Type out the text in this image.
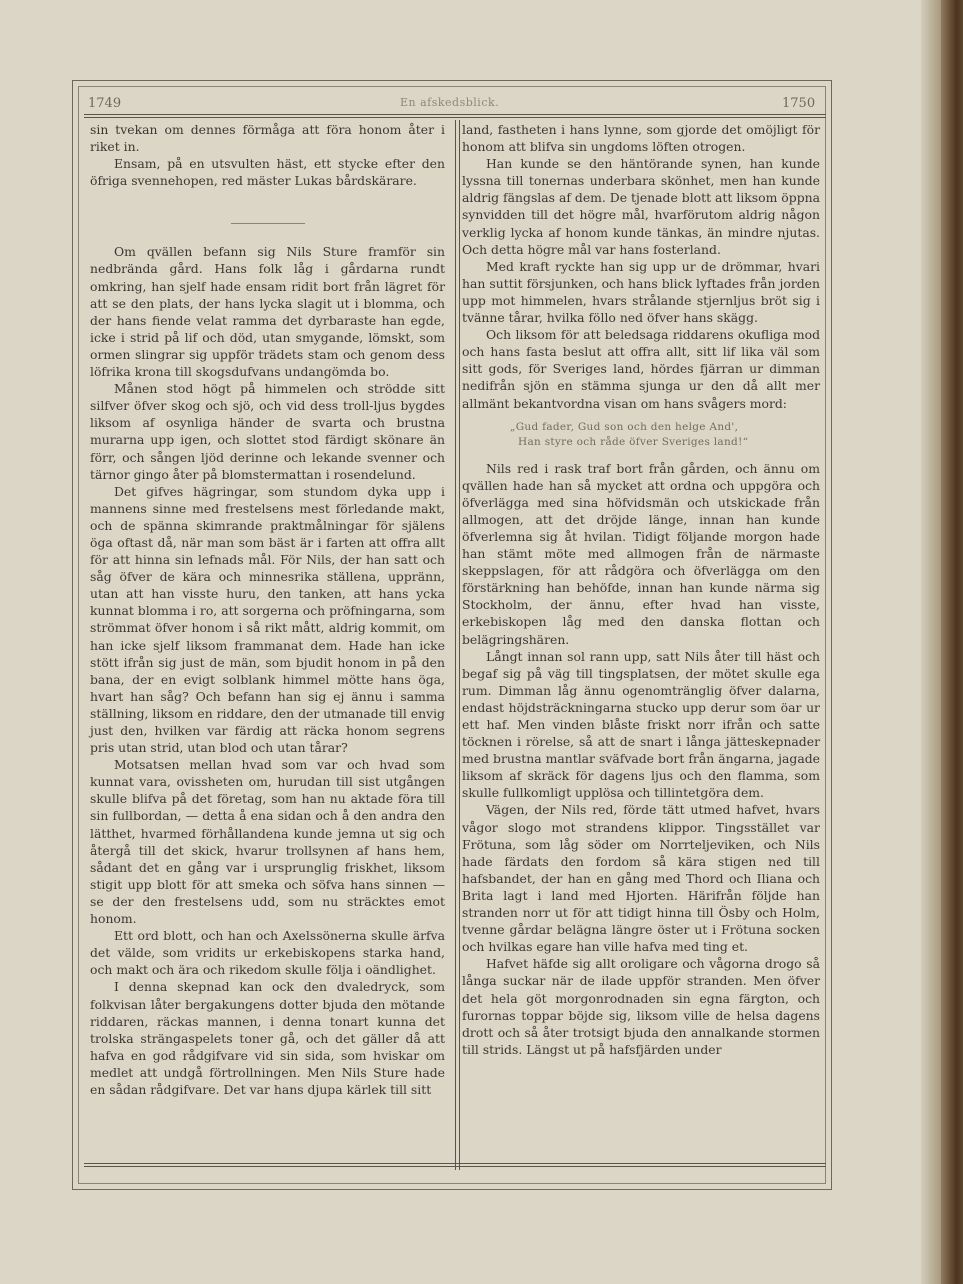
1749	En afskedsblick.	1750

sin tvekan om dennes förmåga att föra honom åter i riket in.

Ensam, på en utsvulten häst, ett stycke efter den öfriga svennehopen, red mäster Lukas bårdskärare.

Om qvällen befann sig Nils Sture framför sin nedbrända gård. Hans folk låg i gårdarna rundt omkring, han sjelf hade ensam ridit bort från lägret för att se den plats, der hans lycka slagit ut i blomma, och der hans fiende velat ramma det dyrbaraste han egde, icke i strid på lif och död, utan smygande, lömskt, som ormen slingrar sig uppför trädets stam och genom dess löfrika krona till skogsdufvans undangömda bo.

Månen stod högt på himmelen och strödde sitt silfver öfver skog och sjö, och vid dess troll-ljus bygdes liksom af osynliga händer de svarta och brustna murarna upp igen, och slottet stod färdigt skönare än förr, och sången ljöd derinne och lekande svenner och tärnor gingo åter på blomstermattan i rosendelund.

Det gifves hägringar, som stundom dyka upp i mannens sinne med frestelsens mest förledande makt, och de spänna skimrande praktmålningar för själens öga oftast då, när man som bäst är i farten att offra allt för att hinna sin lefnads mål. För Nils, der han satt och såg öfver de kära och minnesrika ställena, uppränn, utan att han visste huru, den tanken, att hans ycka kunnat blomma i ro, att sorgerna och pröfningarna, som strömmat öfver honom i så rikt mått, aldrig kommit, om han icke sjelf liksom frammanat dem. Hade han icke stött ifrån sig just de män, som bjudit honom in på den bana, der en evigt solblank himmel mötte hans öga, hvart han såg? Och befann han sig ej ännu i samma ställning, liksom en riddare, den der utmanade till envig just den, hvilken var färdig att räcka honom segrens pris utan strid, utan blod och utan tårar?

Motsatsen mellan hvad som var och hvad som kunnat vara, ovissheten om, hurudan till sist utgången skulle blifva på det företag, som han nu aktade föra till sin fullbordan, — detta å ena sidan och å den andra den lätthet, hvarmed förhållandena kunde jemna ut sig och återgå till det skick, hvarur trollsynen af hans hem, sådant det en gång var i ursprunglig friskhet, liksom stigit upp blott för att smeka och söfva hans sinnen — se der den frestelsens udd, som nu sträcktes emot honom.

Ett ord blott, och han och Axelssönerna skulle ärfva det välde, som vridits ur erkebiskopens starka hand, och makt och ära och rikedom skulle följa i oändlighet.

I denna skepnad kan ock den dvaledryck, som folkvisan låter bergakungens dotter bjuda den mötande riddaren, räckas mannen, i denna tonart kunna det trolska strängaspelets toner gå, och det gäller då att hafva en god rådgifvare vid sin sida, som hviskar om medlet att undgå förtrollningen. Men Nils Sture hade en sådan rådgifvare. Det var hans djupa kärlek till sitt

land, fastheten i hans lynne, som gjorde det omöjligt för honom att blifva sin ungdoms löften otrogen.

Han kunde se den häntörande synen, han kunde lyssna till tonernas underbara skönhet, men han kunde aldrig fängslas af dem. De tjenade blott att liksom öppna synvidden till det högre mål, hvarförutom aldrig någon verklig lycka af honom kunde tänkas, än mindre njutas. Och detta högre mål var hans fosterland.

Med kraft ryckte han sig upp ur de drömmar, hvari han suttit försjunken, och hans blick lyftades från jorden upp mot himmelen, hvars strålande stjernljus bröt sig i tvänne tårar, hvilka föllo ned öfver hans skägg.

Och liksom för att beledsaga riddarens okufliga mod och hans fasta beslut att offra allt, sitt lif lika väl som sitt gods, för Sveriges land, hördes fjärran ur dimman nedifrån sjön en stämma sjunga ur den då allt mer allmänt bekantvordna visan om hans svågers mord:

„Gud fader, Gud son och den helge And',
Han styre och råde öfver Sveriges land!“

Nils red i rask traf bort från gården, och ännu om qvällen hade han så mycket att ordna och uppgöra och öfverlägga med sina höfvidsmän och utskickade från allmogen, att det dröjde länge, innan han kunde öfverlemna sig åt hvilan. Tidigt följande morgon hade han stämt möte med allmogen från de närmaste skeppslagen, för att rådgöra och öfverlägga om den förstärkning han behöfde, innan han kunde närma sig Stockholm, der ännu, efter hvad han visste, erkebiskopen låg med den danska flottan och belägringshären.

Långt innan sol rann upp, satt Nils åter till häst och begaf sig på väg till tingsplatsen, der mötet skulle ega rum. Dimman låg ännu ogenomtränglig öfver dalarna, endast höjdsträckningarna stucko upp derur som öar ur ett haf. Men vinden blåste friskt norr ifrån och satte töcknen i rörelse, så att de snart i långa jätteskepnader med brustna mantlar sväfvade bort från ängarna, jagade liksom af skräck för dagens ljus och den flamma, som skulle fullkomligt upplösa och tillintetgöra dem.

Vägen, der Nils red, förde tätt utmed hafvet, hvars vågor slogo mot strandens klippor. Tingsstället var Frötuna, som låg söder om Norrteljeviken, och Nils hade färdats den fordom så kära stigen ned till hafsbandet, der han en gång med Thord och Iliana och Brita lagt i land med Hjorten. Härifrån följde han stranden norr ut för att tidigt hinna till Ösby och Holm, tvenne gårdar belägna längre öster ut i Frötuna socken och hvilkas egare han ville hafva med ting et.

Hafvet häfde sig allt oroligare och vågorna drogo så långa suckar när de ilade uppför stranden. Men öfver det hela göt morgonrodnaden sin egna färgton, och furornas toppar böjde sig, liksom ville de helsa dagens drott och så åter trotsigt bjuda den annalkande stormen till strids. Längst ut på hafsfjärden under
